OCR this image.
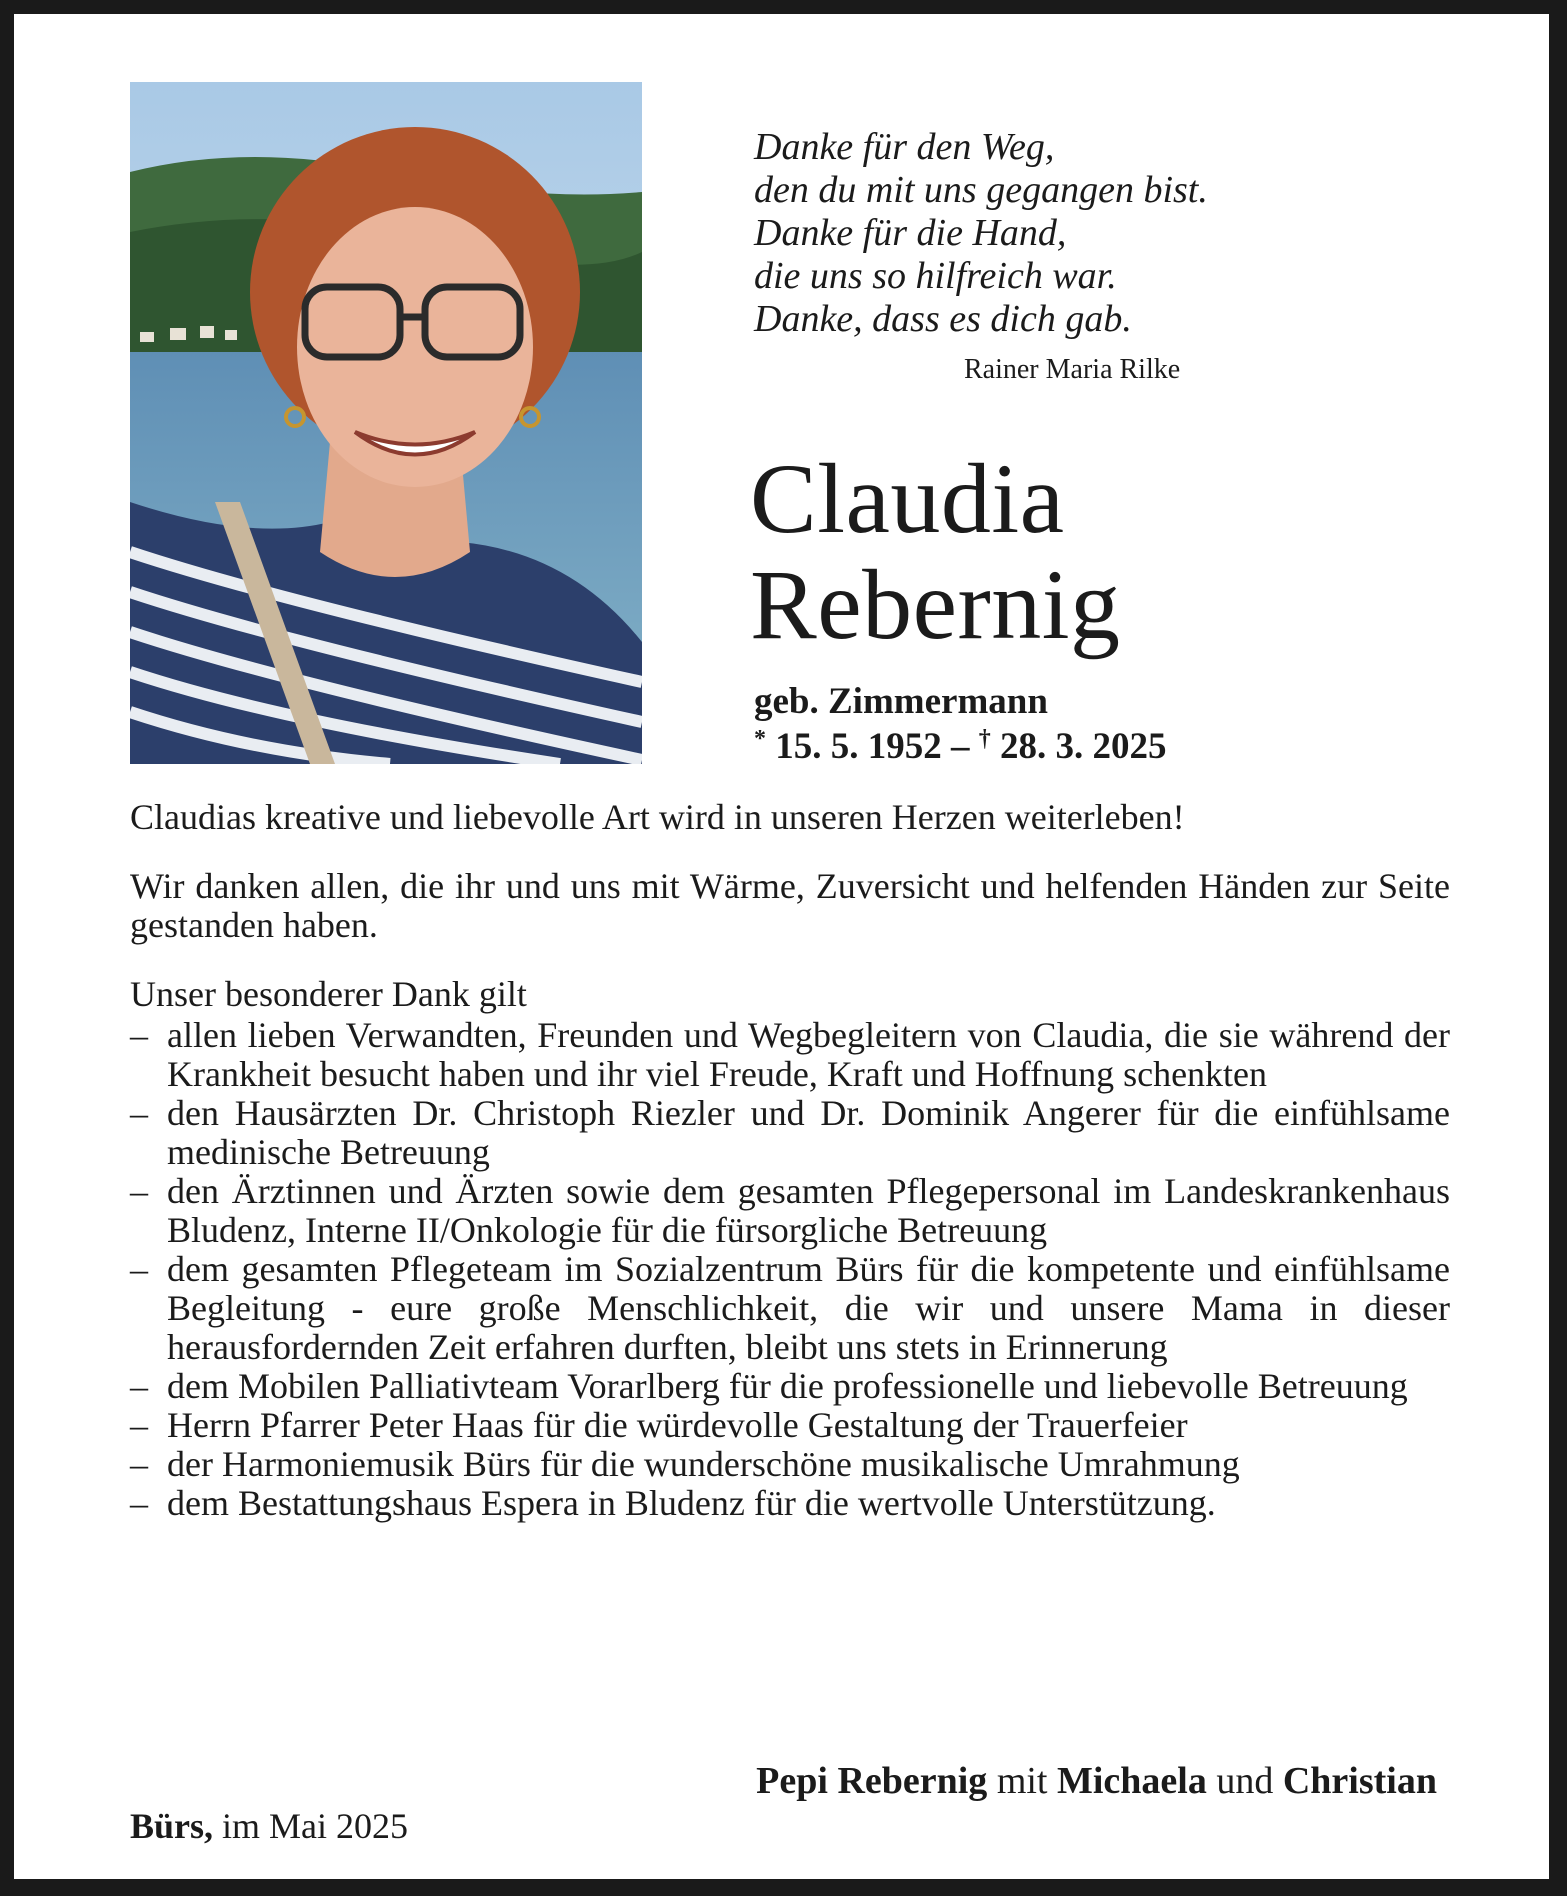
Danke für den Weg,
den du mit uns gegangen bist.
Danke für die Hand,
die uns so hilfreich war.
Danke, dass es dich gab.
Rainer Maria Rilke
Claudia
Rebernig
geb. Zimmermann
* 15. 5. 1952 – † 28. 3. 2025

Claudias kreative und liebevolle Art wird in unseren Herzen weiterleben!

Wir danken allen, die ihr und uns mit Wärme, Zuversicht und helfenden Händen zur Seite gestanden haben.

Unser besonderer Dank gilt

– allen lieben Verwandten, Freunden und Wegbegleitern von Claudia, die sie während der Krankheit besucht haben und ihr viel Freude, Kraft und Hoffnung schenkten
– den Hausärzten Dr. Christoph Riezler und Dr. Dominik Angerer für die einfühlsame medinische Betreuung
– den Ärztinnen und Ärzten sowie dem gesamten Pflegepersonal im Landeskrankenhaus Bludenz, Interne II/Onkologie für die fürsorgliche Betreuung
– dem gesamten Pflegeteam im Sozialzentrum Bürs für die kompetente und einfühlsame Begleitung - eure große Menschlichkeit, die wir und unsere Mama in dieser herausfordernden Zeit erfahren durften, bleibt uns stets in Erinnerung
– dem Mobilen Palliativteam Vorarlberg für die professionelle und liebevolle Betreuung
– Herrn Pfarrer Peter Haas für die würdevolle Gestaltung der Trauerfeier
– der Harmoniemusik Bürs für die wunderschöne musikalische Umrahmung
– dem Bestattungshaus Espera in Bludenz für die wertvolle Unterstützung.
Pepi Rebernig mit Michaela und Christian
Bürs, im Mai 2025
